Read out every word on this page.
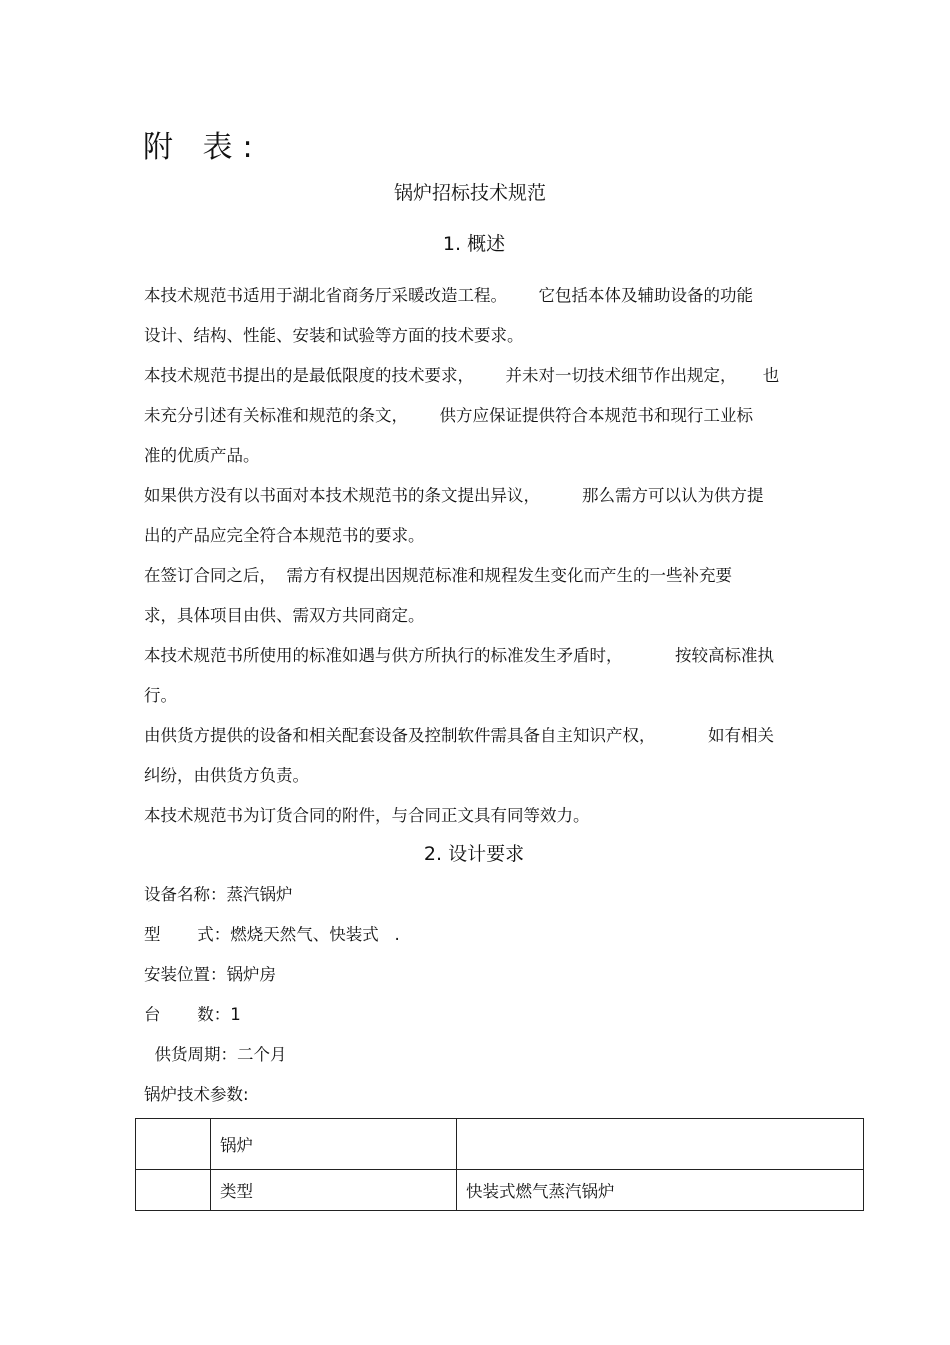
附 表:
锅炉招标技术规范
1. 概述
本技术规范书适用于湖北省商务厅采暖改造工程。      它包括本体及辅助设备的功能
设计、结构、性能、安装和试验等方面的技术要求。
本技术规范书提出的是最低限度的技术要求，      并未对一切技术细节作出规定，     也
未充分引述有关标准和规范的条文，      供方应保证提供符合本规范书和现行工业标
准的优质产品。
如果供方没有以书面对本技术规范书的条文提出异议，        那么需方可以认为供方提
出的产品应完全符合本规范书的要求。
在签订合同之后，  需方有权提出因规范标准和规程发生变化而产生的一些补充要
求，具体项目由供、需双方共同商定。
本技术规范书所使用的标准如遇与供方所执行的标准发生矛盾时，          按较高标准执
行。
由供货方提供的设备和相关配套设备及控制软件需具备自主知识产权，          如有相关
纠纷，由供货方负责。
本技术规范书为订货合同的附件，与合同正文具有同等效力。
2. 设计要求
设备名称：蒸汽锅炉
型       式：燃烧天然气、快装式   .
安装位置：锅炉房
台       数：1
供货周期：二个月
锅炉技术参数:
	锅炉	
	类型	快装式燃气蒸汽锅炉
